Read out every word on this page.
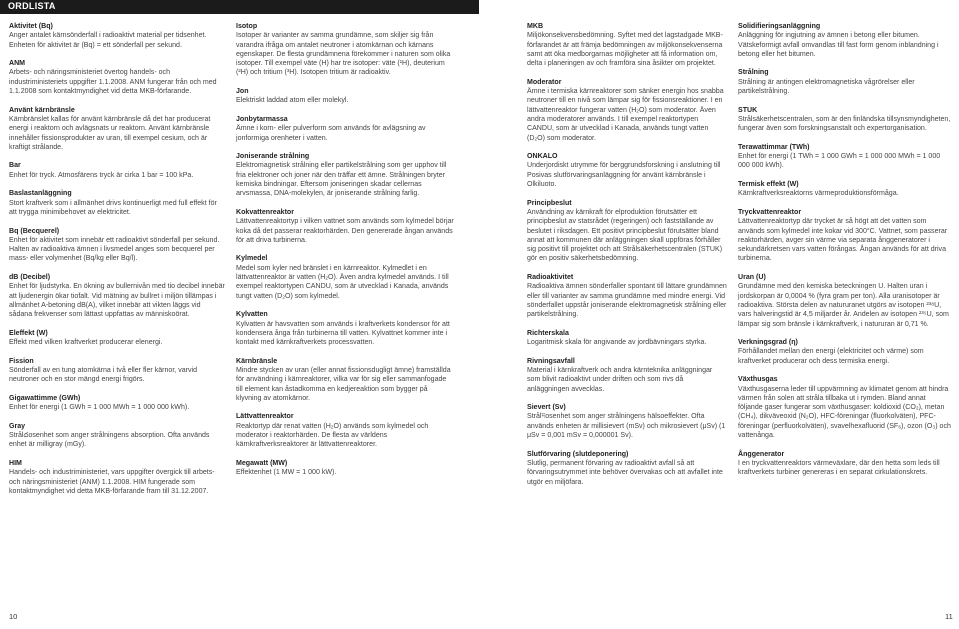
ORDLISTA
Aktivitet (Bq)
Anger antalet kärnsönderfall i radioaktivt material per tidsenhet. Enheten för aktivitet är (Bq) = ett sönderfall per sekund.
ANM
Arbets- och näringsministeriet övertog handels- och industriministeriets uppgifter 1.1.2008. ANM fungerar från och med 1.1.2008 som kontaktmyndighet vid detta MKB-förfarande.
Använt kärnbränsle
Kärnbränslet kallas för använt kärnbränsle då det har producerat energi i reaktorn och avlägsnats ur reaktorn. Använt kärnbränsle innehåller fissionsprodukter av uran, till exempel cesium, och är kraftigt strålande.
Bar
Enhet för tryck. Atmosfärens tryck är cirka 1 bar = 100 kPa.
Baslastanläggning
Stort kraftverk som i allmänhet drivs kontinuerligt med full effekt för att trygga minimibehovet av elektricitet.
Bq (Becquerel)
Enhet för aktivitet som innebär ett radioaktivt sönderfall per sekund. Halten av radioaktiva ämnen i livsmedel anges som becquerel per mass- eller volymenhet (Bq/kg eller Bq/l).
dB (Decibel)
Enhet för ljudstyrka. En ökning av bullernivån med tio decibel innebär att ljudenergin ökar tiofalt. Vid mätning av bullret i miljön tillämpas i allmänhet A-betoning dB(A), vilket innebär att vikten läggs vid sådana frekvenser som lättast uppfattas av människoörat.
Eleffekt (W)
Effekt med vilken kraftverket producerar elenergi.
Fission
Sönderfall av en tung atomkärna i två eller fler kärnor, varvid neutroner och en stor mängd energi frigörs.
Gigawattimme (GWh)
Enhet för energi (1 GWh = 1 000 MWh = 1 000 000 kWh).
Gray
Strålదosenhet som anger strålningens absorption. Ofta används enhet är milligray (mGy).
HIM
Handels- och industriministeriet, vars uppgifter övergick till arbets- och näringsministeriet (ANM) 1.1.2008. HIM fungerade som kontaktmyndighet vid detta MKB-förfarande fram till 31.12.2007.
Isotop
Isotoper är varianter av samma grundämne, som skiljer sig från varandra ifråga om antalet neutroner i atomkärnan och kärnans egenskaper. De flesta grundämnena förekommer i naturen som olika isotoper. Till exempel väte (H) har tre isotoper: väte (¹H), deuterium (²H) och tritium (³H). Isotopen tritium är radioaktiv.
Jon
Elektriskt laddad atom eller molekyl.
Jonbytarmassa
Ämne i korn- eller pulverform som används för avlägsning av jonformiga orenheter i vatten.
Joniserande strålning
Elektromagnetisk strålning eller partikelstrålning som ger upphov till fria elektroner och joner när den träffar ett ämne. Strålningen bryter kemiska bindningar. Eftersom joniseringen skadar cellernas arvsmassa, DNA-molekylen, är joniserande strålning farlig.
Kokvattenreaktor
Lättvattenreaktortyp i vilken vattnet som används som kylmedel börjar koka då det passerar reaktorhärden. Den genererade ångan används för att driva turbinerna.
Kylmedel
Medel som kyler ned bränslet i en kärnreaktor. Kylmedlet i en lättvattenreaktor är vatten (H₂O). Även andra kylmedel används. I till exempel reaktortypen CANDU, som är utvecklad i Kanada, används tungt vatten (D₂O) som kylmedel.
Kylvatten
Kylvatten är havsvatten som används i kraftverkets kondensor för att kondensera ånga från turbinerna till vatten. Kylvattnet kommer inte i kontakt med kärnkraftverkets processvatten.
Kärnbränsle
Mindre stycken av uran (eller annat fissionsdugligt ämne) framställda för användning i kärnreaktorer, vilka var för sig eller sammanfogade till element kan åstadkomma en kedjereaktion som bygger på klyvning av atomkärnor.
Lättvattenreaktor
Reaktortyp där renat vatten (H₂O) används som kylmedel och moderator i reaktorhärden. De flesta av världens kärnkraftverksreaktorer är lättvattenreaktorer.
Megawatt (MW)
Effektenhet (1 MW = 1 000 kW).
MKB
Miljökonsekvensbedömning. Syftet med det lagstadgade MKB-förfarandet är att främja bedömningen av miljökonsekvenserna samt att öka medborgarnas möjligheter att få information om, delta i planeringen av och framföra sina åsikter om projektet.
Moderator
Ämne i termiska kärnreaktorer som sänker energin hos snabba neutroner till en nivå som lämpar sig för fissionsreaktioner. I en lättvattenreaktor fungerar vatten (H₂O) som moderator. Även andra moderatorer används. I till exempel reaktortypen CANDU, som är utvecklad i Kanada, används tungt vatten (D₂O) som moderator.
ONKALO
Underjordiskt utrymme för berggrundsforskning i anslutning till Posivas slutförvaringsanläggning för använt kärnbränsle i Olkiluoto.
Principbeslut
Användning av kärnkraft för elproduktion förutsätter ett principbeslut av statsrådet (regeringen) och fastställande av beslutet i riksdagen. Ett positivt principbeslut förutsätter bland annat att kommunen där anläggningen skall uppföras förhåller sig positivt till projektet och att Strålsäkerhetscentralen (STUK) gör en positiv säkerhetsbedömning.
Radioaktivitet
Radioaktiva ämnen sönderfaller spontant till lättare grundämnen eller till varianter av samma grundämne med mindre energi. Vid sönderfallet uppstår joniserande elektromagnetisk strålning eller partikelstrålning.
Richterskala
Logaritmisk skala för angivande av jordbävningars styrka.
Rivningsavfall
Material i kärnkraftverk och andra kärnteknika anläggningar som blivit radioaktivt under driften och som rivs då anläggningen avvecklas.
Sievert (Sv)
Strålদosenhet som anger strålningens hälsoeffekter. Ofta används enheten är millisievert (mSv) och mikrosievert (μSv) (1 μSv = 0,001 mSv = 0,000001 Sv).
Slutförvaring (slutdeponering)
Slutlig, permanent förvaring av radioaktivt avfall så att förvaringsutrymmet inte behöver övervakas och att avfallet inte utgör en miljöfara.
Solidifieringsanläggning
Anläggning för ingjutning av ämnen i betong eller bitumen. Vätskeformigt avfall omvandlas till fast form genom inblandning i betong eller het bitumen.
Strålning
Strålning är antingen elektromagnetiska vågrörelser eller partikelstrålning.
STUK
Strålsäkerhetscentralen, som är den finländska tillsynsmyndigheten, fungerar även som forskningsanstalt och expertorganisation.
Terawattimmar (TWh)
Enhet för energi (1 TWh = 1 000 GWh = 1 000 000 MWh = 1 000 000 000 kWh).
Termisk effekt (W)
Kärnkraftverksreaktorns värmeproduktionsförmåga.
Tryckvattenreaktor
Lättvattenreaktortyp där trycket är så högt att det vatten som används som kylmedel inte kokar vid 300°C. Vattnet, som passerar reaktorhärden, avger sin värme via separata ånggeneratorer i sekundärkretsen vars vatten förångas. Ångan används för att driva turbinerna.
Uran (U)
Grundämne med den kemiska beteckningen U. Halten uran i jordskorpan är 0,0004 % (fyra gram per ton). Alla uranisotoper är radioaktiva. Största delen av natururanet utgörs av isotopen ²³⁸U, vars halveringstid är 4,5 miljarder år. Andelen av isotopen ²³⁵U, som lämpar sig som bränsle i kärnkraftverk, i natururan är 0,71 %.
Verkningsgrad (η)
Förhållandet mellan den energi (elektricitet och värme) som kraftverket producerar och dess termiska energi.
Växthusgas
Växthusgaserna leder till uppvärmning av klimatet genom att hindra värmen från solen att stråla tillbaka ut i rymden. Bland annat följande gaser fungerar som växthusgaser: koldioxid (CO₂), metan (CH₄), dikväveoxid (N₂O), HFC-föreningar (fluorkolväten), PFC-föreningar (perfluorkolväten), svavelhexafluorid (SF₆), ozon (O₃) och vattenånga.
Ånggenerator
I en tryckvattenreaktors värmeväxlare, där den hetta som leds till kraftverkets turbiner genereras i en separat cirkulationskrets.
10	11
